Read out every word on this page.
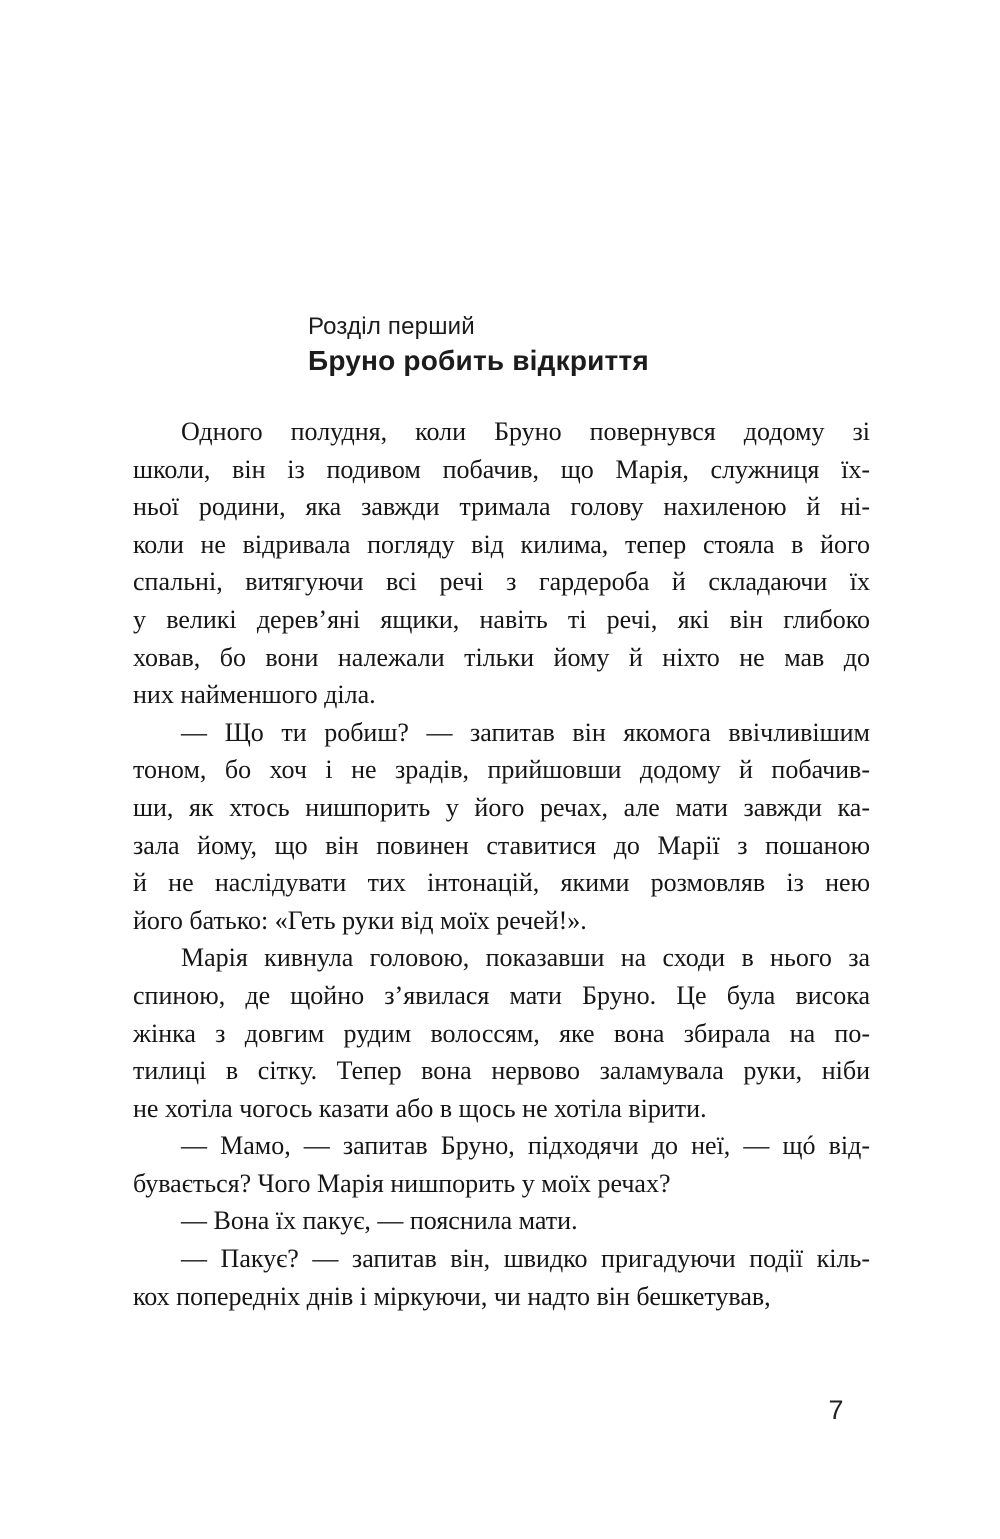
Розділ перший
Бруно робить відкриття
Одного полудня, коли Бруно повернувся додому зі
школи, він із подивом побачив, що Марія, служниця їх-
ньої родини, яка завжди тримала голову нахиленою й ні-
коли не відривала погляду від килима, тепер стояла в його
спальні, витягуючи всі речі з гардероба й складаючи їх
у великі дерев’яні ящики, навіть ті речі, які він глибоко
ховав, бо вони належали тільки йому й ніхто не мав до
них найменшого діла.
— Що ти робиш? — запитав він якомога ввічливішим
тоном, бо хоч і не зрадів, прийшовши додому й побачив-
ши, як хтось нишпорить у його речах, але мати завжди ка-
зала йому, що він повинен ставитися до Марії з пошаною
й не наслідувати тих інтонацій, якими розмовляв із нею
його батько: «Геть руки від моїх речей!».
Марія кивнула головою, показавши на сходи в нього за
спиною, де щойно з’явилася мати Бруно. Це була висока
жінка з довгим рудим волоссям, яке вона збирала на по-
тилиці в сітку. Тепер вона нервово заламувала руки, ніби
не хотіла чогось казати або в щось не хотіла вірити.
— Мамо, — запитав Бруно, підходячи до неї, — щó від-
бувається? Чого Марія нишпорить у моїх речах?
— Вона їх пакує, — пояснила мати.
— Пакує? — запитав він, швидко пригадуючи події кіль-
кох попередніх днів і міркуючи, чи надто він бешкетував,
7
